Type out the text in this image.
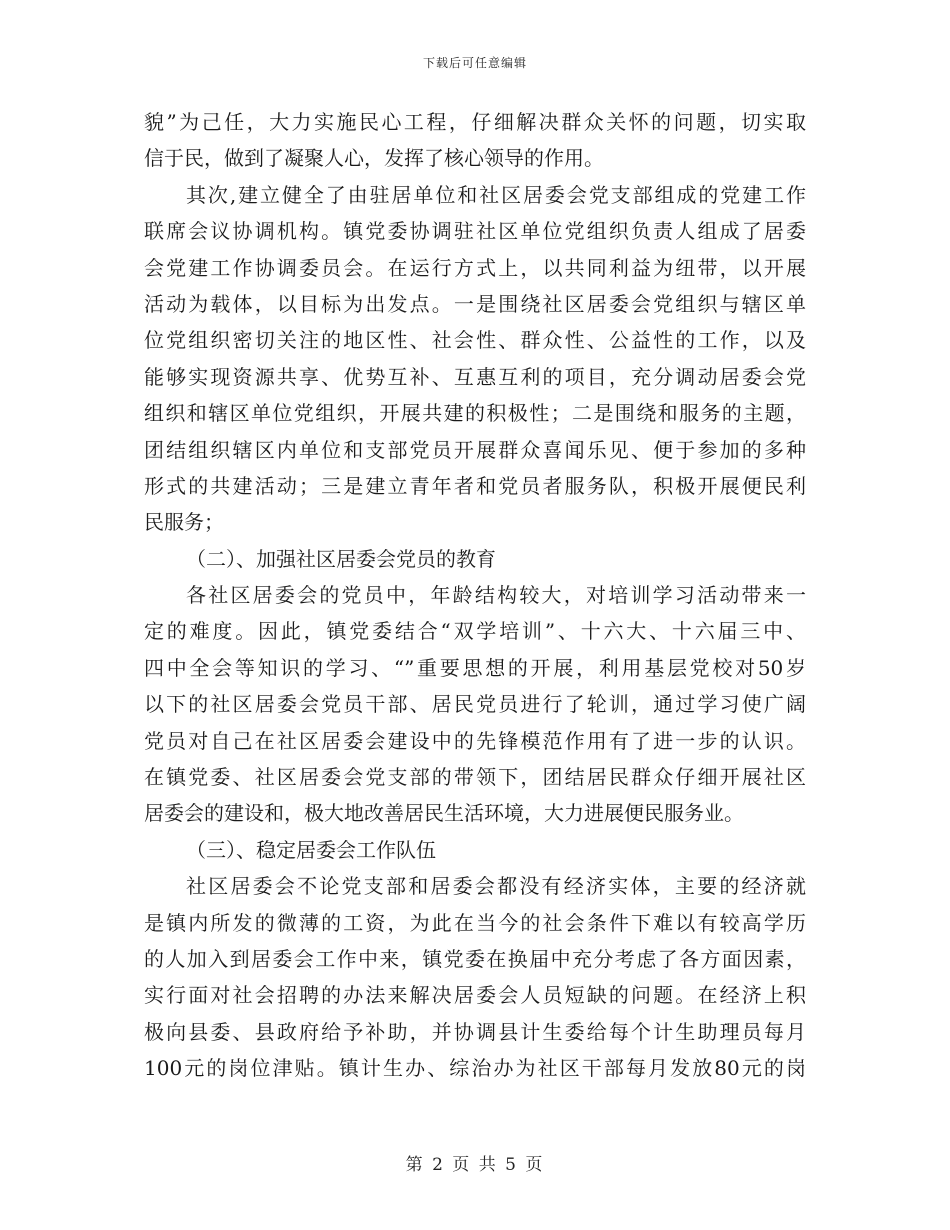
下载后可任意编辑
貌”为己任，大力实施民心工程，仔细解决群众关怀的问题，切实取
信于民，做到了凝聚人心，发挥了核心领导的作用。
其次,建立健全了由驻居单位和社区居委会党支部组成的党建工作
联席会议协调机构。镇党委协调驻社区单位党组织负责人组成了居委
会党建工作协调委员会。在运行方式上，以共同利益为纽带，以开展
活动为载体，以目标为出发点。一是围绕社区居委会党组织与辖区单
位党组织密切关注的地区性、社会性、群众性、公益性的工作，以及
能够实现资源共享、优势互补、互惠互利的项目，充分调动居委会党
组织和辖区单位党组织，开展共建的积极性；二是围绕和服务的主题，
团结组织辖区内单位和支部党员开展群众喜闻乐见、便于参加的多种
形式的共建活动；三是建立青年者和党员者服务队，积极开展便民利
民服务；
（二）、加强社区居委会党员的教育
各社区居委会的党员中，年龄结构较大，对培训学习活动带来一
定的难度。因此，镇党委结合“双学培训”、十六大、十六届三中、
四中全会等知识的学习、“”重要思想的开展，利用基层党校对50岁
以下的社区居委会党员干部、居民党员进行了轮训，通过学习使广阔
党员对自己在社区居委会建设中的先锋模范作用有了进一步的认识。
在镇党委、社区居委会党支部的带领下，团结居民群众仔细开展社区
居委会的建设和，极大地改善居民生活环境，大力进展便民服务业。
（三）、稳定居委会工作队伍
社区居委会不论党支部和居委会都没有经济实体，主要的经济就
是镇内所发的微薄的工资，为此在当今的社会条件下难以有较高学历
的人加入到居委会工作中来，镇党委在换届中充分考虑了各方面因素，
实行面对社会招聘的办法来解决居委会人员短缺的问题。在经济上积
极向县委、县政府给予补助，并协调县计生委给每个计生助理员每月
100元的岗位津贴。镇计生办、综治办为社区干部每月发放80元的岗
第 2 页 共 5 页
